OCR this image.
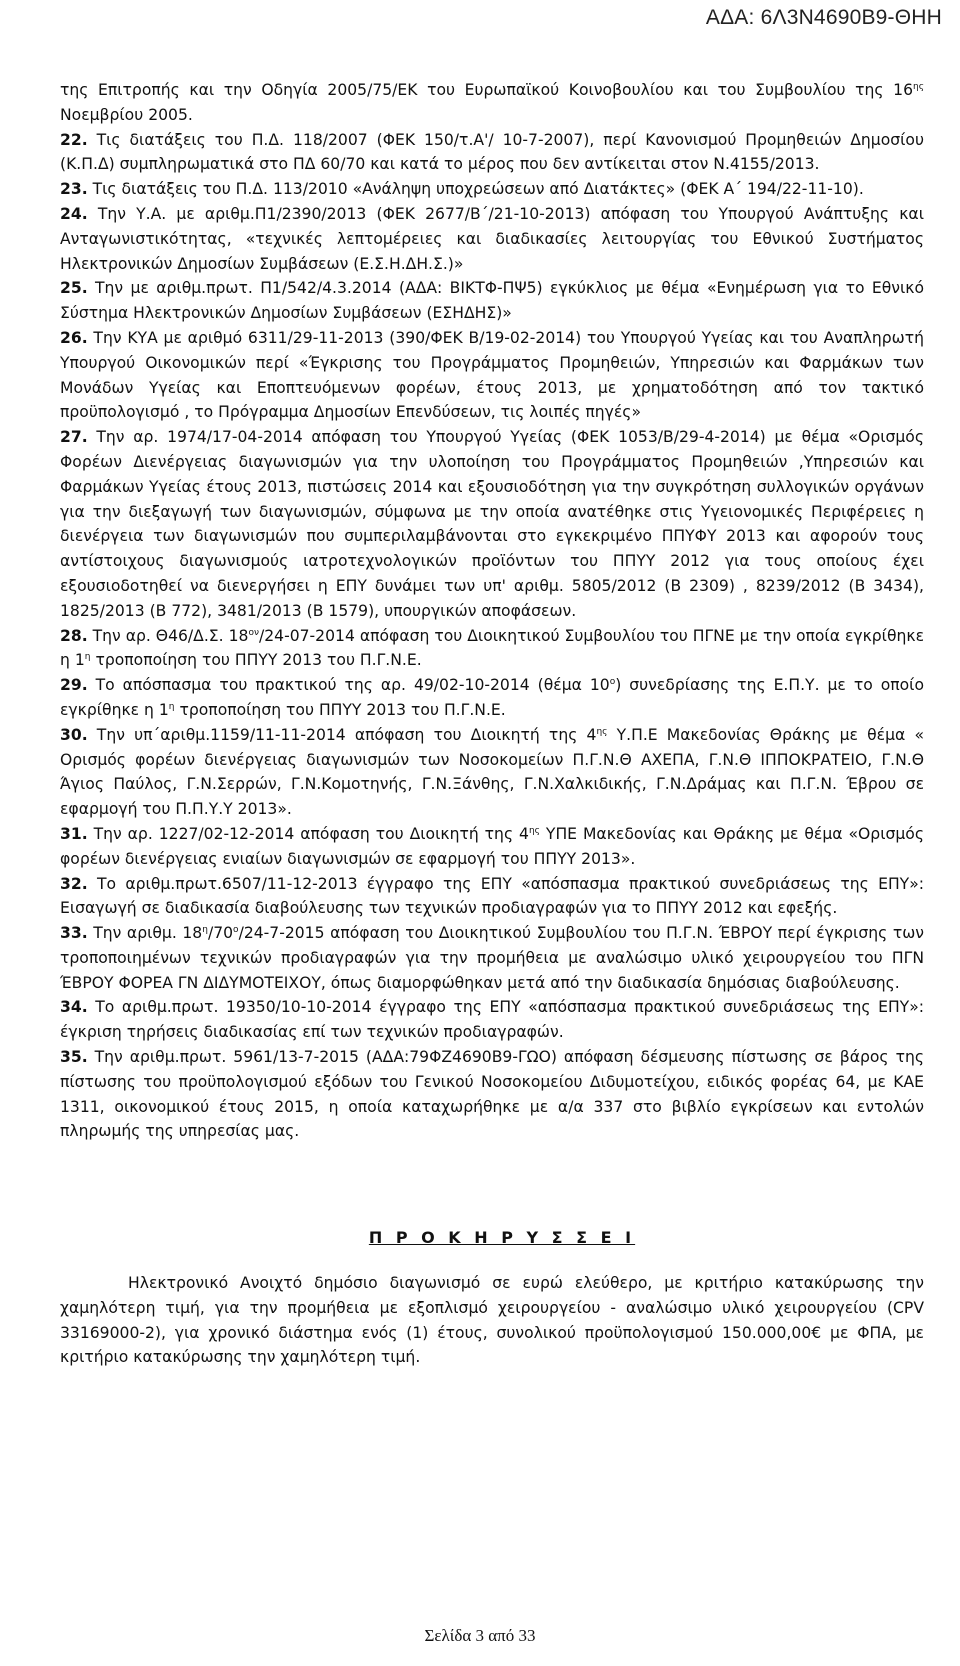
ΑΔΑ: 6Λ3Ν4690Β9-ΘΗΗ

της Επιτροπής και την Οδηγία 2005/75/ΕΚ του Ευρωπαϊκού Κοινοβουλίου και του Συμβουλίου της $16^{\eta\varsigma}$ Νοεμβρίου 2005.

22. Τις διατάξεις του Π.Δ. 118/2007 (ΦΕΚ 150/τ.Α'/ 10-7-2007), περί Κανονισμού Προμηθειών Δημοσίου (Κ.Π.Δ) συμπληρωματικά στο ΠΔ 60/70 και κατά το μέρος που δεν αντίκειται στον Ν.4155/2013.

23. Τις διατάξεις του Π.Δ. 113/2010 «Ανάληψη υποχρεώσεων από Διατάκτες» (ΦΕΚ Α΄ 194/22-11-10).

24. Την Υ.Α. με αριθμ.Π1/2390/2013 (ΦΕΚ 2677/Β΄/21-10-2013) απόφαση του Υπουργού Ανάπτυξης και Ανταγωνιστικότητας, «τεχνικές λεπτομέρειες και διαδικασίες λειτουργίας του Εθνικού Συστήματος Ηλεκτρονικών Δημοσίων Συμβάσεων (Ε.Σ.Η.ΔΗ.Σ.)»

25. Την με αριθμ.πρωτ. Π1/542/4.3.2014 (ΑΔΑ: ΒΙΚΤΦ-ΠΨ5) εγκύκλιος με θέμα «Ενημέρωση για το Εθνικό Σύστημα Ηλεκτρονικών Δημοσίων Συμβάσεων (ΕΣΗΔΗΣ)»

26. Την ΚΥΑ με αριθμό 6311/29-11-2013 (390/ΦΕΚ Β/19-02-2014) του Υπουργού Υγείας και του Αναπληρωτή Υπουργού Οικονομικών περί «Έγκρισης του Προγράμματος Προμηθειών, Υπηρεσιών και Φαρμάκων των Μονάδων Υγείας και Εποπτευόμενων φορέων, έτους 2013, με χρηματοδότηση από τον τακτικό προϋπολογισμό , το Πρόγραμμα Δημοσίων Επενδύσεων, τις λοιπές πηγές»

27. Την αρ. 1974/17-04-2014 απόφαση του Υπουργού Υγείας (ΦΕΚ 1053/Β/29-4-2014) με θέμα «Ορισμός Φορέων Διενέργειας διαγωνισμών για την υλοποίηση του Προγράμματος Προμηθειών ,Υπηρεσιών και Φαρμάκων Υγείας έτους 2013, πιστώσεις 2014 και εξουσιοδότηση για την συγκρότηση συλλογικών οργάνων για την διεξαγωγή των διαγωνισμών, σύμφωνα με την οποία ανατέθηκε στις Υγειονομικές Περιφέρειες η διενέργεια των διαγωνισμών που συμπεριλαμβάνονται στο εγκεκριμένο ΠΠΥΦΥ 2013 και αφορούν τους αντίστοιχους διαγωνισμούς ιατροτεχνολογικών προϊόντων του ΠΠΥΥ 2012 για τους οποίους έχει εξουσιοδοτηθεί να διενεργήσει η ΕΠΥ δυνάμει των υπ' αριθμ. 5805/2012 (Β 2309) , 8239/2012 (Β 3434), 1825/2013 (Β 772), 3481/2013 (Β 1579), υπουργικών αποφάσεων.

28. Την αρ. Θ46/Δ.Σ. $18^{o\nu}/24-07-2014$ απόφαση του Διοικητικού Συμβουλίου του ΠΓΝΕ με την οποία εγκρίθηκε η $1^\eta$ τροποποίηση του ΠΠΥΥ 2013 του Π.Γ.Ν.Ε.

29. Το απόσπασμα του πρακτικού της αρ. 49/02-10-2014 (θέμα $10^o$) συνεδρίασης της Ε.Π.Υ. με το οποίο εγκρίθηκε η $1^\eta$ τροποποίηση του ΠΠΥΥ 2013 του Π.Γ.Ν.Ε.

30. Την υπ΄αριθμ.1159/11-11-2014 απόφαση του Διοικητή της $4^{\eta\varsigma}$ Υ.Π.Ε Μακεδονίας Θράκης με θέμα « Ορισμός φορέων διενέργειας διαγωνισμών των Νοσοκομείων Π.Γ.Ν.Θ ΑΧΕΠΑ, Γ.Ν.Θ ΙΠΠΟΚΡΑΤΕΙΟ, Γ.Ν.Θ Άγιος Παύλος, Γ.Ν.Σερρών, Γ.Ν.Κομοτηνής, Γ.Ν.Ξάνθης, Γ.Ν.Χαλκιδικής, Γ.Ν.Δράμας και Π.Γ.Ν. Έβρου σε εφαρμογή του Π.Π.Υ.Υ 2013».

31. Την αρ. 1227/02-12-2014 απόφαση του Διοικητή της $4^{\eta\varsigma}$ ΥΠΕ Μακεδονίας και Θράκης με θέμα «Ορισμός φορέων διενέργειας ενιαίων διαγωνισμών σε εφαρμογή του ΠΠΥΥ 2013».

32. Το αριθμ.πρωτ.6507/11-12-2013 έγγραφο της ΕΠΥ «απόσπασμα πρακτικού συνεδριάσεως της ΕΠΥ»: Εισαγωγή σε διαδικασία διαβούλευσης των τεχνικών προδιαγραφών για το ΠΠΥΥ 2012 και εφεξής.

33. Την αριθμ. $18^\eta/70^o/24-7-2015$ απόφαση του Διοικητικού Συμβουλίου του Π.Γ.Ν. ΈΒΡΟΥ περί έγκρισης των τροποποιημένων τεχνικών προδιαγραφών για την προμήθεια με αναλώσιμο υλικό χειρουργείου του ΠΓΝ ΈΒΡΟΥ ΦΟΡΕΑ ΓΝ ΔΙΔΥΜΟΤΕΙΧΟΥ, όπως διαμορφώθηκαν μετά από την διαδικασία δημόσιας διαβούλευσης.

34. Το αριθμ.πρωτ. 19350/10-10-2014 έγγραφο της ΕΠΥ «απόσπασμα πρακτικού συνεδριάσεως της ΕΠΥ»: έγκριση τηρήσεις διαδικασίας επί των τεχνικών προδιαγραφών.

35. Την αριθμ.πρωτ. 5961/13-7-2015 (ΑΔΑ:79ΦΖ4690Β9-ΓΩΟ) απόφαση δέσμευσης πίστωσης σε βάρος της πίστωσης του προϋπολογισμού εξόδων του Γενικού Νοσοκομείου Διδυμοτείχου, ειδικός φορέας 64, με ΚΑΕ 1311, οικονομικού έτους 2015, η οποία καταχωρήθηκε με α/α 337 στο βιβλίο εγκρίσεων και εντολών πληρωμής της υπηρεσίας μας.

Π Ρ Ο Κ Η Ρ Υ Σ Σ Ε Ι

Ηλεκτρονικό Ανοιχτό δημόσιο διαγωνισμό σε ευρώ ελεύθερο, με κριτήριο κατακύρωσης την χαμηλότερη τιμή, για την προμήθεια με εξοπλισμό χειρουργείου - αναλώσιμο υλικό χειρουργείου (CPV 33169000-2), για χρονικό διάστημα ενός (1) έτους, συνολικού προϋπολογισμού 150.000,00€ με ΦΠΑ, με κριτήριο κατακύρωσης την χαμηλότερη τιμή.

Σελίδα 3 από 33
